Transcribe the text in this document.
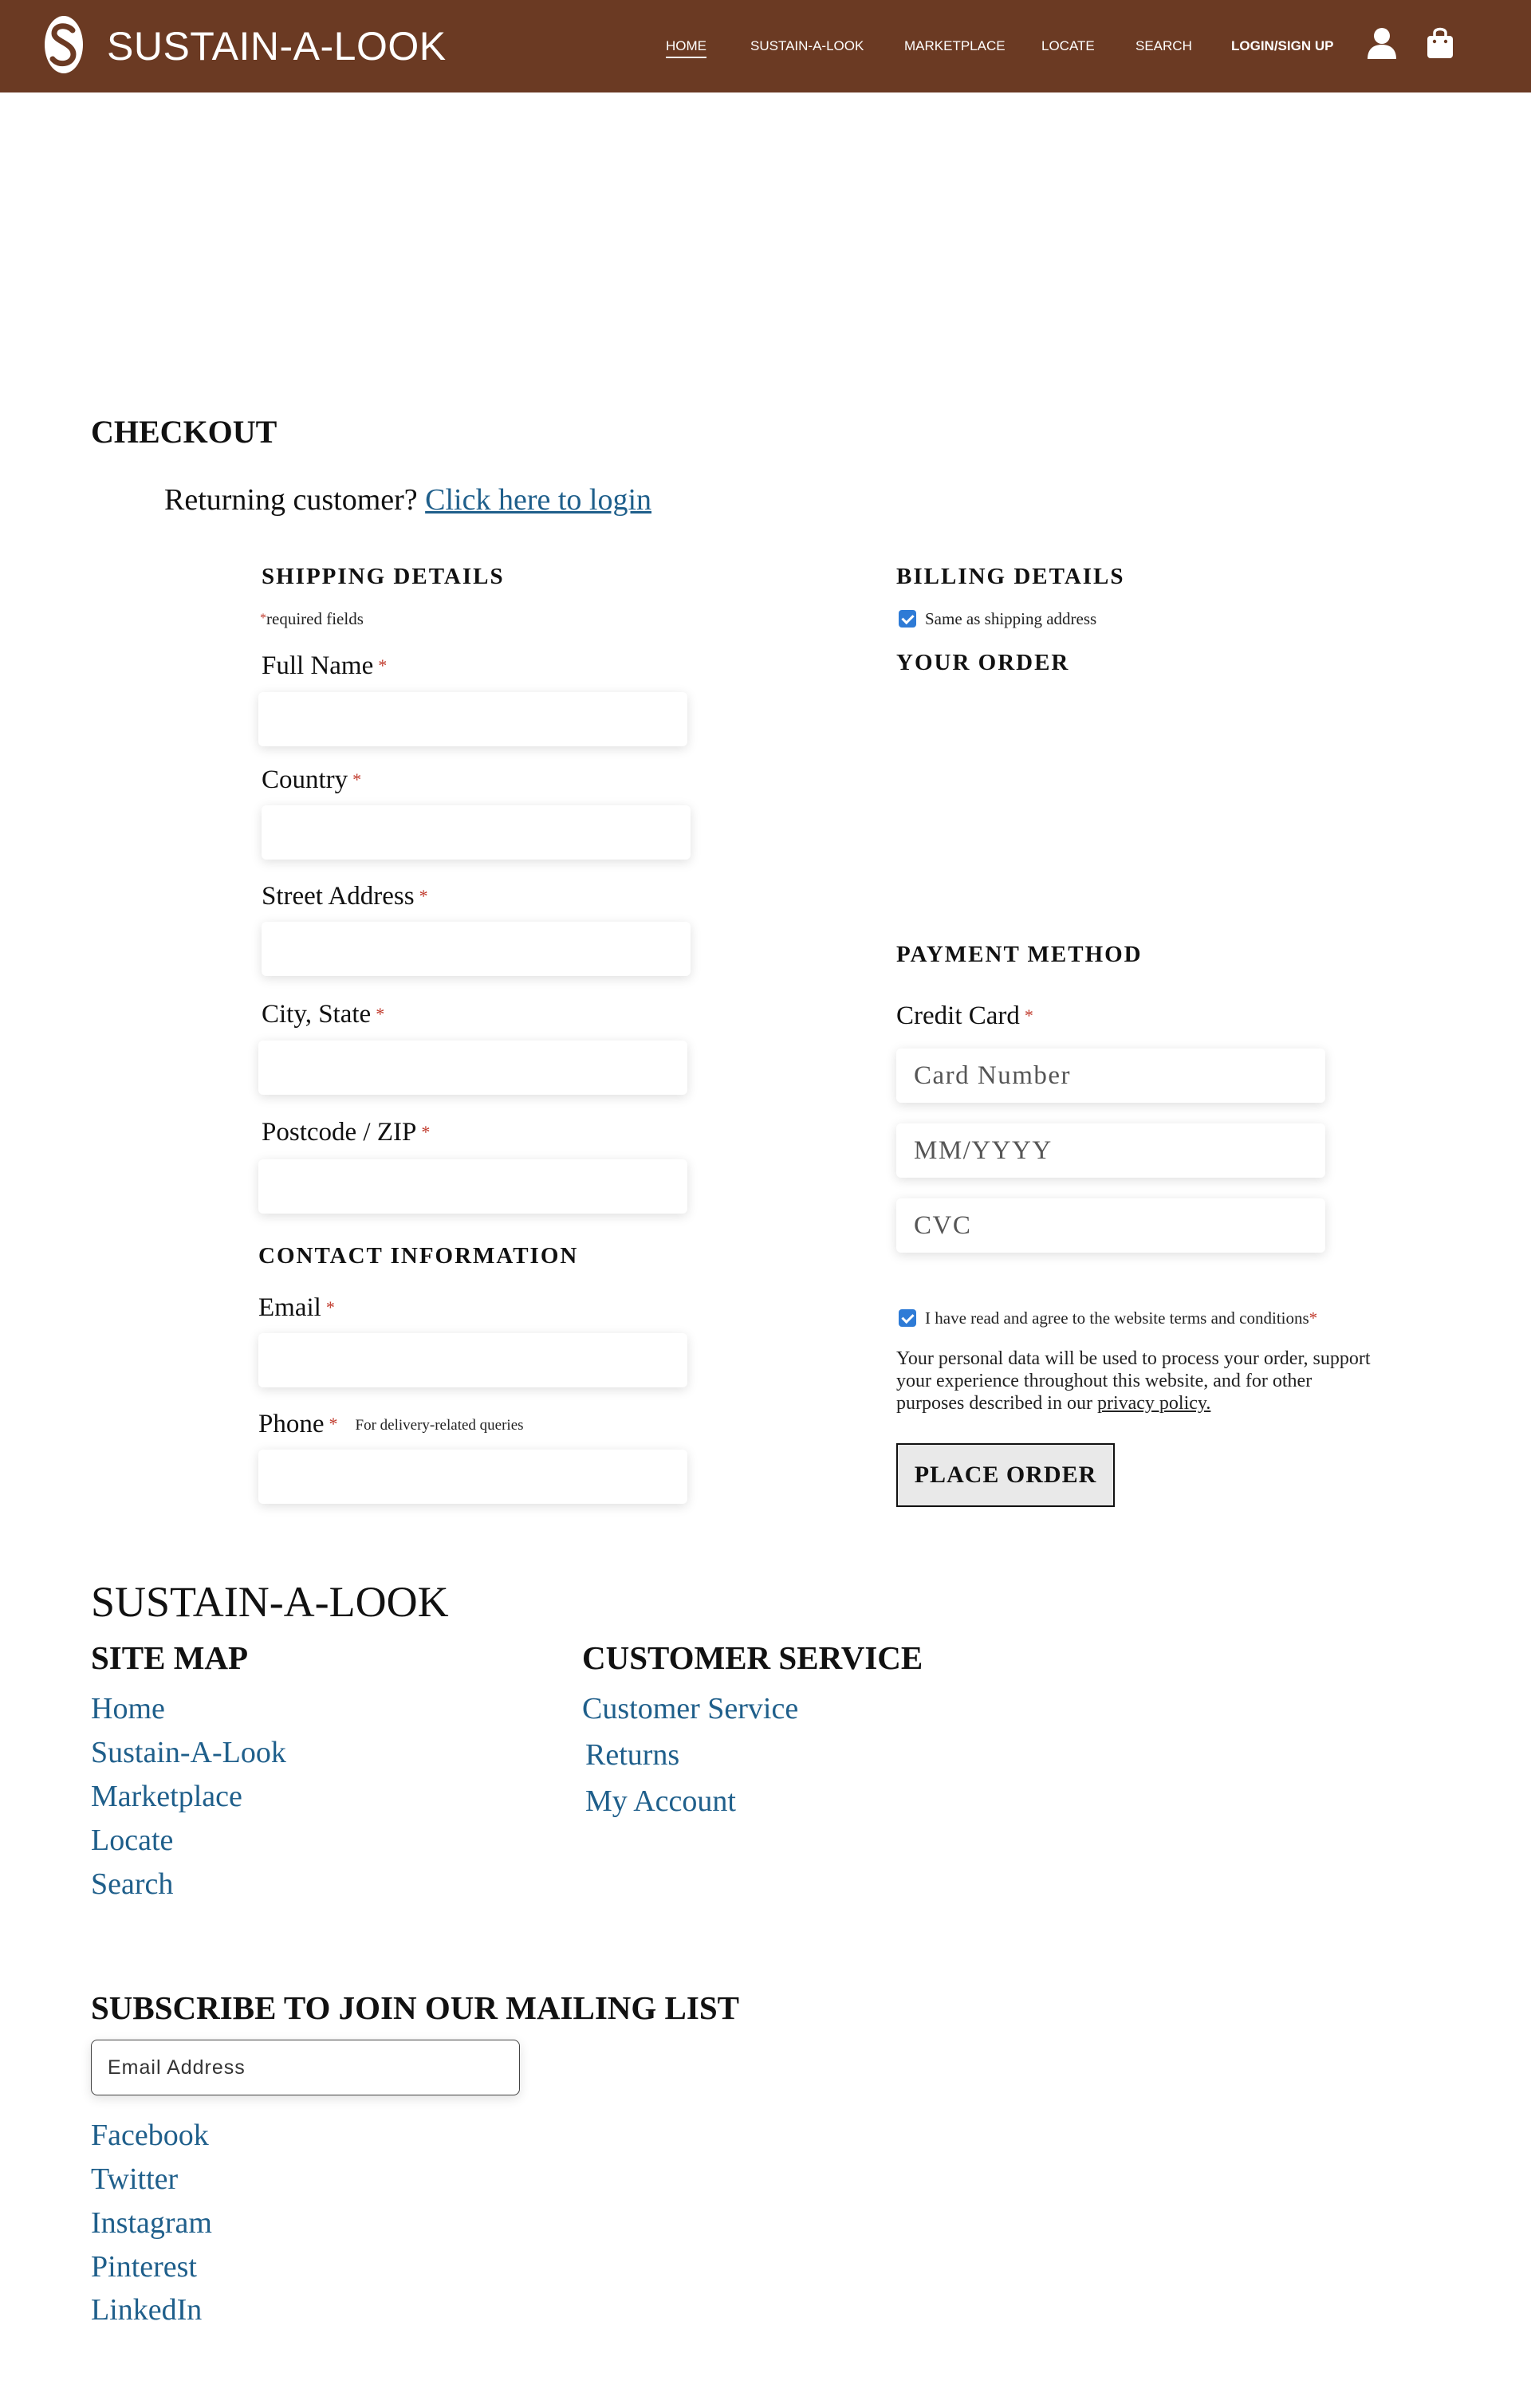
SUSTAIN-A-LOOK	HOME	SUSTAIN-A-LOOK	MARKETPLACE	LOCATE	SEARCH	LOGIN/SIGN UP
CHECKOUT
Returning customer? Click here to login
SHIPPING DETAILS
*required fields
Full Name *
Country *
Street Address *
City, State *
Postcode / ZIP *
CONTACT INFORMATION
Email *
Phone * For delivery-related queries
BILLING DETAILS
Same as shipping address
YOUR ORDER
PAYMENT METHOD
Credit Card *
Card Number
MM/YYYY
CVC
I have read and agree to the website terms and conditions*
Your personal data will be used to process your order, support your experience throughout this website, and for other purposes described in our privacy policy.
PLACE ORDER
SUSTAIN-A-LOOK
SITE MAP
Home
Sustain-A-Look
Marketplace
Locate
Search
CUSTOMER SERVICE
Customer Service
Returns
My Account
SUBSCRIBE TO JOIN OUR MAILING LIST
Email Address
Facebook
Twitter
Instagram
Pinterest
LinkedIn
